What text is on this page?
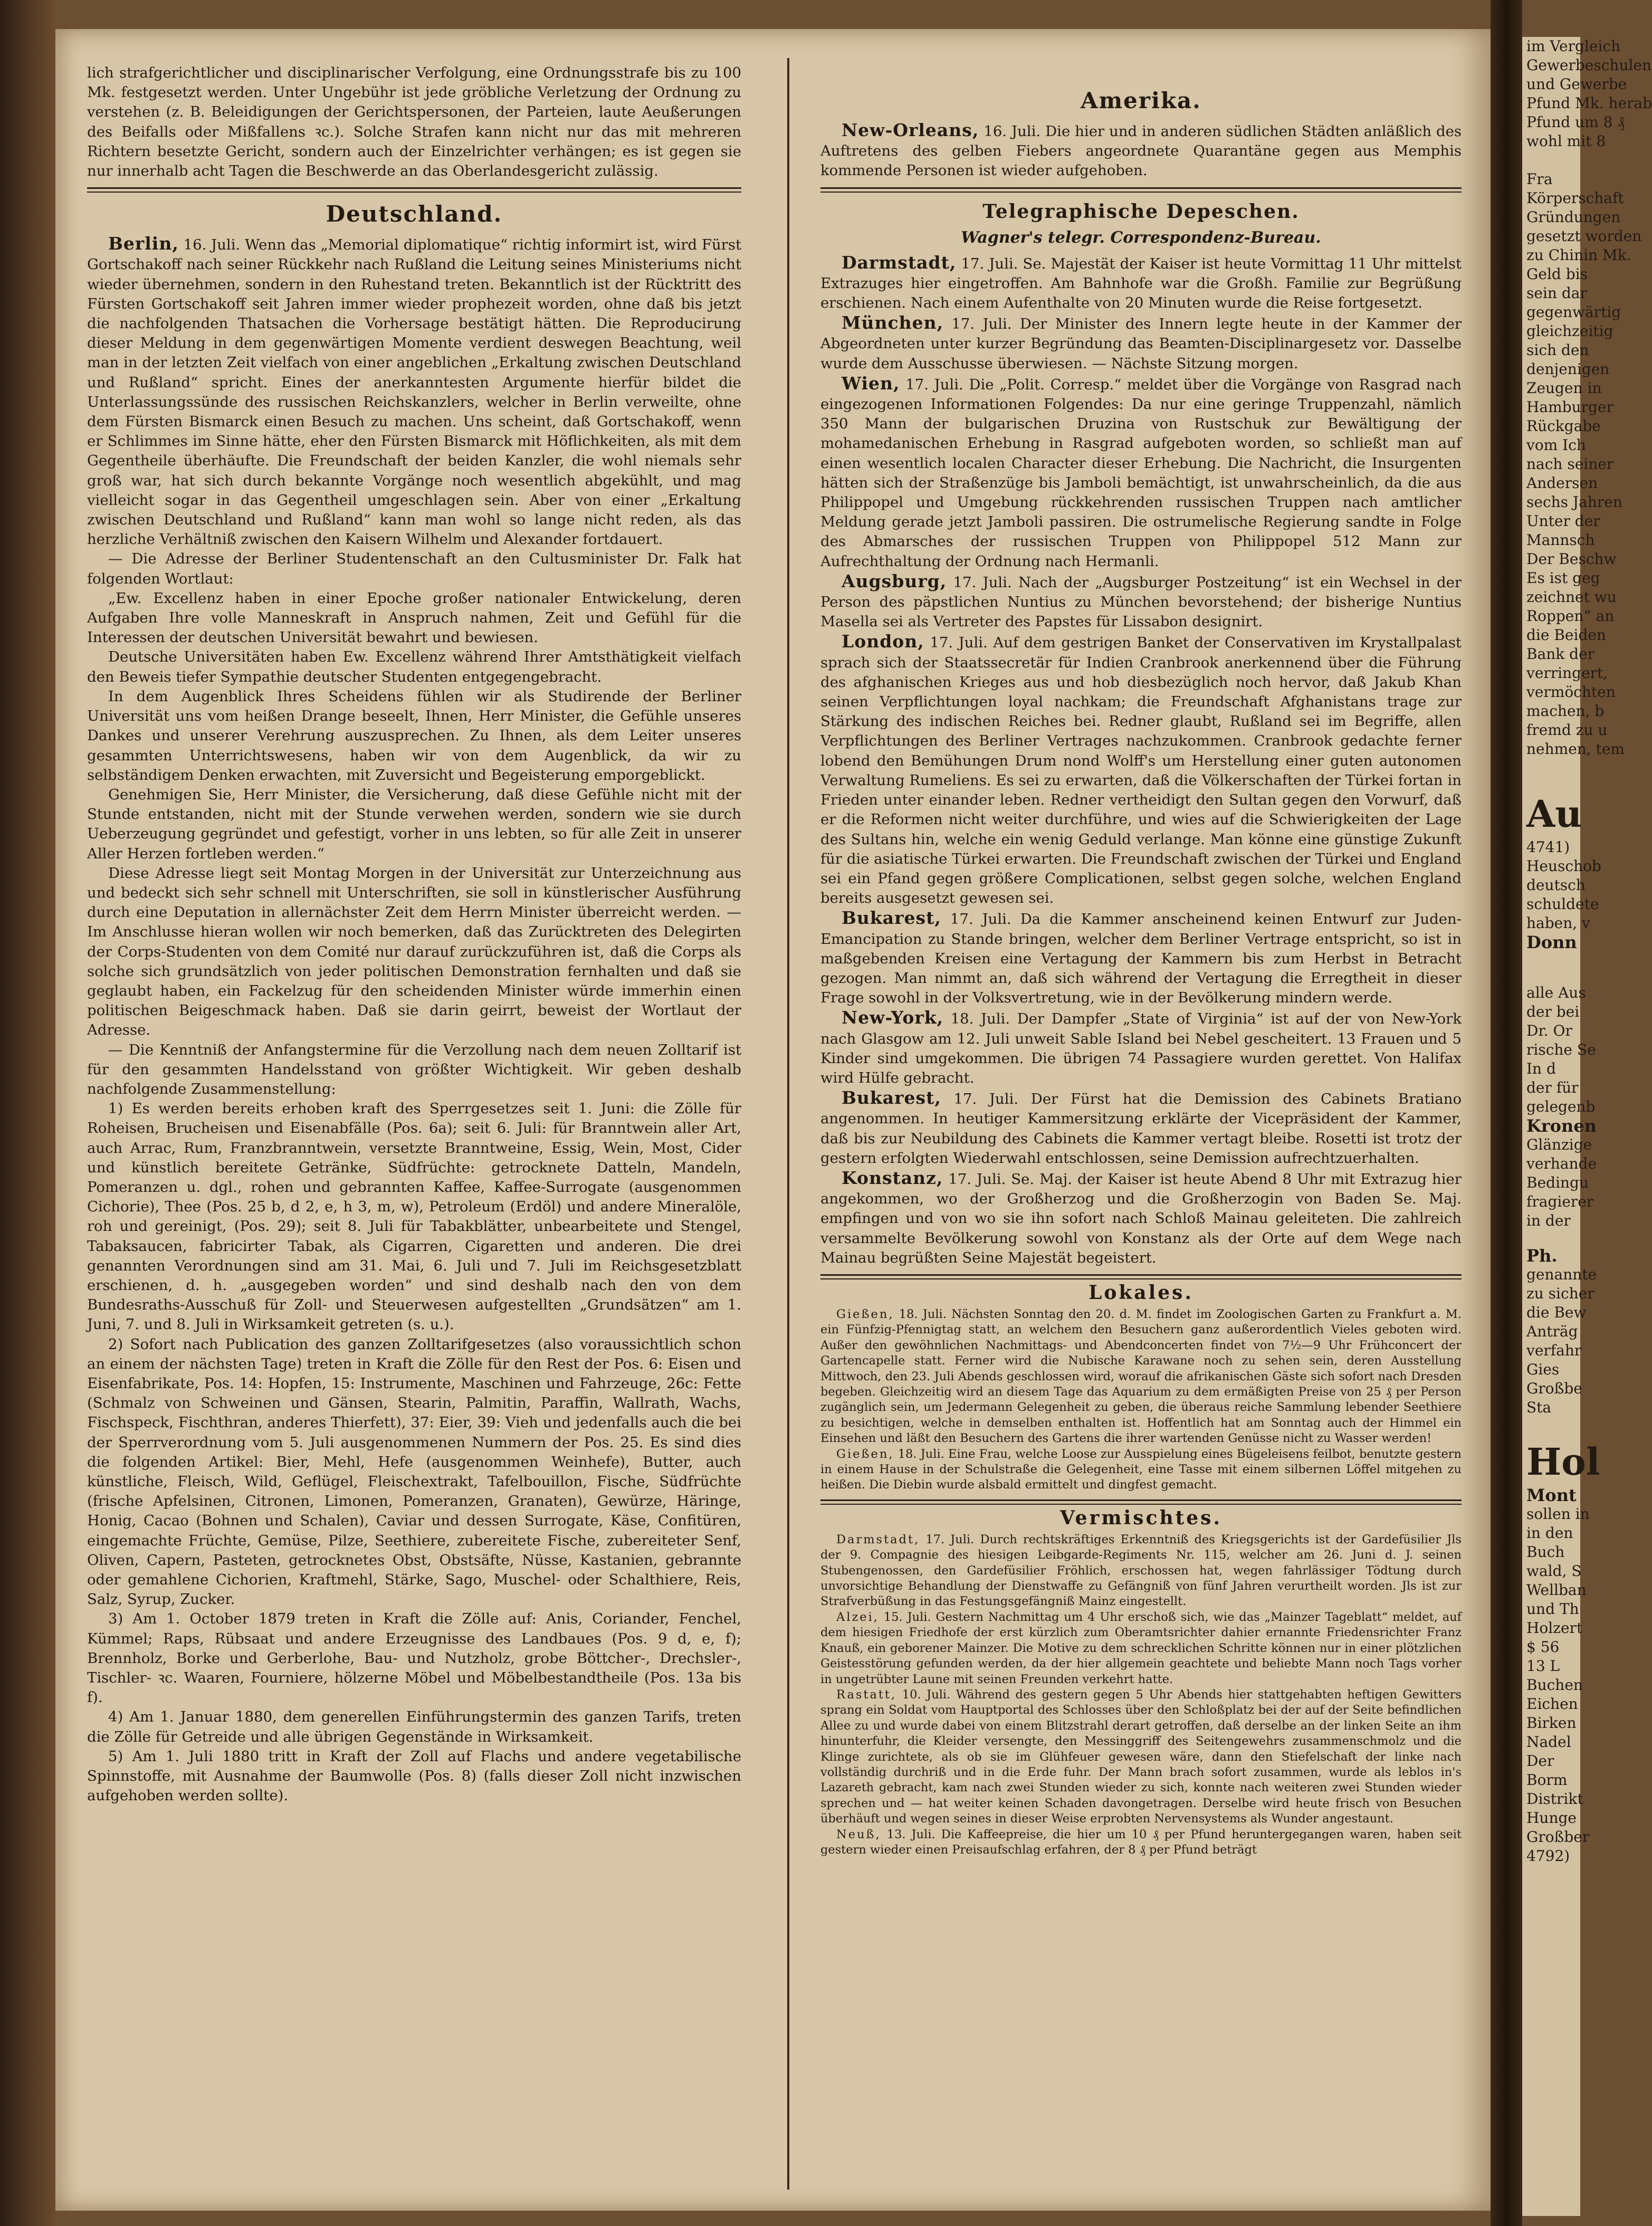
lich strafgerichtlicher und disciplinarischer Verfolgung, eine Ordnungsstrafe bis zu 100 Mk. festgesetzt werden. Unter Ungebühr ist jede gröbliche Verletzung der Ordnung zu verstehen (z. B. Beleidigungen der Gerichtspersonen, der Parteien, laute Aeußerungen des Beifalls oder Mißfallens ꝛc.). Solche Strafen kann nicht nur das mit mehreren Richtern besetzte Gericht, sondern auch der Einzelrichter verhängen; es ist gegen sie nur innerhalb acht Tagen die Beschwerde an das Oberlandesgericht zulässig.

Deutschland.

Berlin, 16. Juli. Wenn das „Memorial diplomatique“ richtig informirt ist, wird Fürst Gortschakoff nach seiner Rückkehr nach Rußland die Leitung seines Ministeriums nicht wieder übernehmen, sondern in den Ruhestand treten. Bekanntlich ist der Rücktritt des Fürsten Gortschakoff seit Jahren immer wieder prophezeit worden, ohne daß bis jetzt die nachfolgenden Thatsachen die Vorhersage bestätigt hätten. Die Reproducirung dieser Meldung in dem gegenwärtigen Momente verdient deswegen Beachtung, weil man in der letzten Zeit vielfach von einer angeblichen „Erkaltung zwischen Deutschland und Rußland“ spricht. Eines der anerkanntesten Argumente hierfür bildet die Unterlassungssünde des russischen Reichskanzlers, welcher in Berlin verweilte, ohne dem Fürsten Bismarck einen Besuch zu machen. Uns scheint, daß Gortschakoff, wenn er Schlimmes im Sinne hätte, eher den Fürsten Bismarck mit Höflichkeiten, als mit dem Gegentheile überhäufte. Die Freundschaft der beiden Kanzler, die wohl niemals sehr groß war, hat sich durch bekannte Vorgänge noch wesentlich abgekühlt, und mag vielleicht sogar in das Gegentheil umgeschlagen sein. Aber von einer „Erkaltung zwischen Deutschland und Rußland“ kann man wohl so lange nicht reden, als das herzliche Verhältniß zwischen den Kaisern Wilhelm und Alexander fortdauert.

— Die Adresse der Berliner Studentenschaft an den Cultusminister Dr. Falk hat folgenden Wortlaut:

„Ew. Excellenz haben in einer Epoche großer nationaler Entwickelung, deren Aufgaben Ihre volle Manneskraft in Anspruch nahmen, Zeit und Gefühl für die Interessen der deutschen Universität bewahrt und bewiesen.

Deutsche Universitäten haben Ew. Excellenz während Ihrer Amtsthätigkeit vielfach den Beweis tiefer Sympathie deutscher Studenten entgegengebracht.

In dem Augenblick Ihres Scheidens fühlen wir als Studirende der Berliner Universität uns vom heißen Drange beseelt, Ihnen, Herr Minister, die Gefühle unseres Dankes und unserer Verehrung auszusprechen. Zu Ihnen, als dem Leiter unseres gesammten Unterrichtswesens, haben wir von dem Augenblick, da wir zu selbständigem Denken erwachten, mit Zuversicht und Begeisterung emporgeblickt.

Genehmigen Sie, Herr Minister, die Versicherung, daß diese Gefühle nicht mit der Stunde entstanden, nicht mit der Stunde verwehen werden, sondern wie sie durch Ueberzeugung gegründet und gefestigt, vorher in uns lebten, so für alle Zeit in unserer Aller Herzen fortleben werden.“

Diese Adresse liegt seit Montag Morgen in der Universität zur Unterzeichnung aus und bedeckt sich sehr schnell mit Unterschriften, sie soll in künstlerischer Ausführung durch eine Deputation in allernächster Zeit dem Herrn Minister überreicht werden. — Im Anschlusse hieran wollen wir noch bemerken, daß das Zurücktreten des Delegirten der Corps-Studenten von dem Comité nur darauf zurückzuführen ist, daß die Corps als solche sich grundsätzlich von jeder politischen Demonstration fernhalten und daß sie geglaubt haben, ein Fackelzug für den scheidenden Minister würde immerhin einen politischen Beigeschmack haben. Daß sie darin geirrt, beweist der Wortlaut der Adresse.

— Die Kenntniß der Anfangstermine für die Verzollung nach dem neuen Zolltarif ist für den gesammten Handelsstand von größter Wichtigkeit. Wir geben deshalb nachfolgende Zusammenstellung:

1) Es werden bereits erhoben kraft des Sperrgesetzes seit 1. Juni: die Zölle für Roheisen, Brucheisen und Eisenabfälle (Pos. 6a); seit 6. Juli: für Branntwein aller Art, auch Arrac, Rum, Franzbranntwein, versetzte Branntweine, Essig, Wein, Most, Cider und künstlich bereitete Getränke, Südfrüchte: getrocknete Datteln, Mandeln, Pomeranzen u. dgl., rohen und gebrannten Kaffee, Kaffee-Surrogate (ausgenommen Cichorie), Thee (Pos. 25 b, d 2, e, h 3, m, w), Petroleum (Erdöl) und andere Mineralöle, roh und gereinigt, (Pos. 29); seit 8. Juli für Tabakblätter, unbearbeitete und Stengel, Tabaksaucen, fabricirter Tabak, als Cigarren, Cigaretten und anderen. Die drei genannten Verordnungen sind am 31. Mai, 6. Juli und 7. Juli im Reichsgesetzblatt erschienen, d. h. „ausgegeben worden“ und sind deshalb nach den von dem Bundesraths-Ausschuß für Zoll- und Steuerwesen aufgestellten „Grundsätzen“ am 1. Juni, 7. und 8. Juli in Wirksamkeit getreten (s. u.).

2) Sofort nach Publication des ganzen Zolltarifgesetzes (also voraussichtlich schon an einem der nächsten Tage) treten in Kraft die Zölle für den Rest der Pos. 6: Eisen und Eisenfabrikate, Pos. 14: Hopfen, 15: Instrumente, Maschinen und Fahrzeuge, 26c: Fette (Schmalz von Schweinen und Gänsen, Stearin, Palmitin, Paraffin, Wallrath, Wachs, Fischspeck, Fischthran, anderes Thierfett), 37: Eier, 39: Vieh und jedenfalls auch die bei der Sperrverordnung vom 5. Juli ausgenommenen Nummern der Pos. 25. Es sind dies die folgenden Artikel: Bier, Mehl, Hefe (ausgenommen Weinhefe), Butter, auch künstliche, Fleisch, Wild, Geflügel, Fleischextrakt, Tafelbouillon, Fische, Südfrüchte (frische Apfelsinen, Citronen, Limonen, Pomeranzen, Granaten), Gewürze, Häringe, Honig, Cacao (Bohnen und Schalen), Caviar und dessen Surrogate, Käse, Confitüren, eingemachte Früchte, Gemüse, Pilze, Seethiere, zubereitete Fische, zubereiteter Senf, Oliven, Capern, Pasteten, getrocknetes Obst, Obstsäfte, Nüsse, Kastanien, gebrannte oder gemahlene Cichorien, Kraftmehl, Stärke, Sago, Muschel- oder Schalthiere, Reis, Salz, Syrup, Zucker.

3) Am 1. October 1879 treten in Kraft die Zölle auf: Anis, Coriander, Fenchel, Kümmel; Raps, Rübsaat und andere Erzeugnisse des Landbaues (Pos. 9 d, e, f); Brennholz, Borke und Gerberlohe, Bau- und Nutzholz, grobe Böttcher-, Drechsler-, Tischler- ꝛc. Waaren, Fourniere, hölzerne Möbel und Möbelbestandtheile (Pos. 13a bis f).

4) Am 1. Januar 1880, dem generellen Einführungstermin des ganzen Tarifs, treten die Zölle für Getreide und alle übrigen Gegenstände in Wirksamkeit.

5) Am 1. Juli 1880 tritt in Kraft der Zoll auf Flachs und andere vegetabilische Spinnstoffe, mit Ausnahme der Baumwolle (Pos. 8) (falls dieser Zoll nicht inzwischen aufgehoben werden sollte).

Amerika.

New-Orleans, 16. Juli. Die hier und in anderen südlichen Städten anläßlich des Auftretens des gelben Fiebers angeordnete Quarantäne gegen aus Memphis kommende Personen ist wieder aufgehoben.

Telegraphische Depeschen.
Wagner's telegr. Correspondenz-Bureau.

Darmstadt, 17. Juli. Se. Majestät der Kaiser ist heute Vormittag 11 Uhr mittelst Extrazuges hier eingetroffen. Am Bahnhofe war die Großh. Familie zur Begrüßung erschienen. Nach einem Aufenthalte von 20 Minuten wurde die Reise fortgesetzt.

München, 17. Juli. Der Minister des Innern legte heute in der Kammer der Abgeordneten unter kurzer Begründung das Beamten-Disciplinargesetz vor. Dasselbe wurde dem Ausschusse überwiesen. — Nächste Sitzung morgen.

Wien, 17. Juli. Die „Polit. Corresp.“ meldet über die Vorgänge von Rasgrad nach eingezogenen Informationen Folgendes: Da nur eine geringe Truppenzahl, nämlich 350 Mann der bulgarischen Druzina von Rustschuk zur Bewältigung der mohamedanischen Erhebung in Rasgrad aufgeboten worden, so schließt man auf einen wesentlich localen Character dieser Erhebung. Die Nachricht, die Insurgenten hätten sich der Straßenzüge bis Jamboli bemächtigt, ist unwahrscheinlich, da die aus Philippopel und Umgebung rückkehrenden russischen Truppen nach amtlicher Meldung gerade jetzt Jamboli passiren. Die ostrumelische Regierung sandte in Folge des Abmarsches der russischen Truppen von Philippopel 512 Mann zur Aufrechthaltung der Ordnung nach Hermanli.

Augsburg, 17. Juli. Nach der „Augsburger Postzeitung“ ist ein Wechsel in der Person des päpstlichen Nuntius zu München bevorstehend; der bisherige Nuntius Masella sei als Vertreter des Papstes für Lissabon designirt.

London, 17. Juli. Auf dem gestrigen Banket der Conservativen im Krystallpalast sprach sich der Staatssecretär für Indien Cranbrook anerkennend über die Führung des afghanischen Krieges aus und hob diesbezüglich noch hervor, daß Jakub Khan seinen Verpflichtungen loyal nachkam; die Freundschaft Afghanistans trage zur Stärkung des indischen Reiches bei. Redner glaubt, Rußland sei im Begriffe, allen Verpflichtungen des Berliner Vertrages nachzukommen. Cranbrook gedachte ferner lobend den Bemühungen Drum nond Wolff's um Herstellung einer guten autonomen Verwaltung Rumeliens. Es sei zu erwarten, daß die Völkerschaften der Türkei fortan in Frieden unter einander leben. Redner vertheidigt den Sultan gegen den Vorwurf, daß er die Reformen nicht weiter durchführe, und wies auf die Schwierigkeiten der Lage des Sultans hin, welche ein wenig Geduld verlange. Man könne eine günstige Zukunft für die asiatische Türkei erwarten. Die Freundschaft zwischen der Türkei und England sei ein Pfand gegen größere Complicationen, selbst gegen solche, welchen England bereits ausgesetzt gewesen sei.

Bukarest, 17. Juli. Da die Kammer anscheinend keinen Entwurf zur Juden-Emancipation zu Stande bringen, welcher dem Berliner Vertrage entspricht, so ist in maßgebenden Kreisen eine Vertagung der Kammern bis zum Herbst in Betracht gezogen. Man nimmt an, daß sich während der Vertagung die Erregtheit in dieser Frage sowohl in der Volksvertretung, wie in der Bevölkerung mindern werde.

New-York, 18. Juli. Der Dampfer „State of Virginia“ ist auf der von New-York nach Glasgow am 12. Juli unweit Sable Island bei Nebel gescheitert. 13 Frauen und 5 Kinder sind umgekommen. Die übrigen 74 Passagiere wurden gerettet. Von Halifax wird Hülfe gebracht.

Bukarest, 17. Juli. Der Fürst hat die Demission des Cabinets Bratiano angenommen. In heutiger Kammersitzung erklärte der Vicepräsident der Kammer, daß bis zur Neubildung des Cabinets die Kammer vertagt bleibe. Rosetti ist trotz der gestern erfolgten Wiederwahl entschlossen, seine Demission aufrechtzuerhalten.

Konstanz, 17. Juli. Se. Maj. der Kaiser ist heute Abend 8 Uhr mit Extrazug hier angekommen, wo der Großherzog und die Großherzogin von Baden Se. Maj. empfingen und von wo sie ihn sofort nach Schloß Mainau geleiteten. Die zahlreich versammelte Bevölkerung sowohl von Konstanz als der Orte auf dem Wege nach Mainau begrüßten Seine Majestät begeistert.

Lokales.

Gießen, 18. Juli. Nächsten Sonntag den 20. d. M. findet im Zoologischen Garten zu Frankfurt a. M. ein Fünfzig-Pfennigtag statt, an welchem den Besuchern ganz außerordentlich Vieles geboten wird. Außer den gewöhnlichen Nachmittags- und Abendconcerten findet von 7½—9 Uhr Frühconcert der Gartencapelle statt. Ferner wird die Nubische Karawane noch zu sehen sein, deren Ausstellung Mittwoch, den 23. Juli Abends geschlossen wird, worauf die afrikanischen Gäste sich sofort nach Dresden begeben. Gleichzeitig wird an diesem Tage das Aquarium zu dem ermäßigten Preise von 25 ₰ per Person zugänglich sein, um Jedermann Gelegenheit zu geben, die überaus reiche Sammlung lebender Seethiere zu besichtigen, welche in demselben enthalten ist. Hoffentlich hat am Sonntag auch der Himmel ein Einsehen und läßt den Besuchern des Gartens die ihrer wartenden Genüsse nicht zu Wasser werden!

Gießen, 18. Juli. Eine Frau, welche Loose zur Ausspielung eines Bügeleisens feilbot, benutzte gestern in einem Hause in der Schulstraße die Gelegenheit, eine Tasse mit einem silbernen Löffel mitgehen zu heißen. Die Diebin wurde alsbald ermittelt und dingfest gemacht.

Vermischtes.

Darmstadt, 17. Juli. Durch rechtskräftiges Erkenntniß des Kriegsgerichts ist der Gardefüsilier Jls der 9. Compagnie des hiesigen Leibgarde-Regiments Nr. 115, welcher am 26. Juni d. J. seinen Stubengenossen, den Gardefüsilier Fröhlich, erschossen hat, wegen fahrlässiger Tödtung durch unvorsichtige Behandlung der Dienstwaffe zu Gefängniß von fünf Jahren verurtheilt worden. Jls ist zur Strafverbüßung in das Festungsgefängniß Mainz eingestellt.

Alzei, 15. Juli. Gestern Nachmittag um 4 Uhr erschoß sich, wie das „Mainzer Tageblatt“ meldet, auf dem hiesigen Friedhofe der erst kürzlich zum Oberamtsrichter dahier ernannte Friedensrichter Franz Knauß, ein geborener Mainzer. Die Motive zu dem schrecklichen Schritte können nur in einer plötzlichen Geistesstörung gefunden werden, da der hier allgemein geachtete und beliebte Mann noch Tags vorher in ungetrübter Laune mit seinen Freunden verkehrt hatte.

Rastatt, 10. Juli. Während des gestern gegen 5 Uhr Abends hier stattgehabten heftigen Gewitters sprang ein Soldat vom Hauptportal des Schlosses über den Schloßplatz bei der auf der Seite befindlichen Allee zu und wurde dabei von einem Blitzstrahl derart getroffen, daß derselbe an der linken Seite an ihm hinunterfuhr, die Kleider versengte, den Messinggriff des Seitengewehrs zusammenschmolz und die Klinge zurichtete, als ob sie im Glühfeuer gewesen wäre, dann den Stiefelschaft der linke nach vollständig durchriß und in die Erde fuhr. Der Mann brach sofort zusammen, wurde als leblos in's Lazareth gebracht, kam nach zwei Stunden wieder zu sich, konnte nach weiteren zwei Stunden wieder sprechen und — hat weiter keinen Schaden davongetragen. Derselbe wird heute frisch von Besuchen überhäuft und wegen seines in dieser Weise erprobten Nervensystems als Wunder angestaunt.

Neuß, 13. Juli. Die Kaffeepreise, die hier um 10 ₰ per Pfund heruntergegangen waren, haben seit gestern wieder einen Preisaufschlag erfahren, der 8 ₰ per Pfund beträgt

im Vergleich
Gewerbeschulen
und Gewerbe
Pfund Mk. herab
Pfund um 8 ₰
wohl mit 8

Fra
Körperschaft
Gründungen
gesetzt worden
zu Chinin Mk.
Geld bis
sein dar
gegenwärtig
gleichzeitig
sich den
denjenigen
Zeugen in
Hamburger
Rückgabe
vom Ich
nach seiner
Andersen
sechs Jahren
Unter der
Mannsch
Der Beschw
Es ist geg
zeichnet wu
Roppen“ an
die Beiden
Bank der
verringert,
vermöchten
machen, b
fremd zu u
nehmen, tem
Au
4741)
Heuschob
deutsch
schuldete
haben, v
Donn
alle Aus
der bei
Dr. Or
rische Se
In d
der für
gelegenb
Kronen
Glänzige
verhande
Bedingu
fragierer
in der
Ph.
genannte
zu sicher
die Bew
Anträg
verfahr
Gies
Großbe
Sta
Hol
Mont
sollen in
in den
Buch
wald, S
Wellban
und Th
Holzert
$ 56
13 L
Buchen
Eichen
Birken
Nadel
Der
Borm
Distrikt
Hunge
Großber
4792)
